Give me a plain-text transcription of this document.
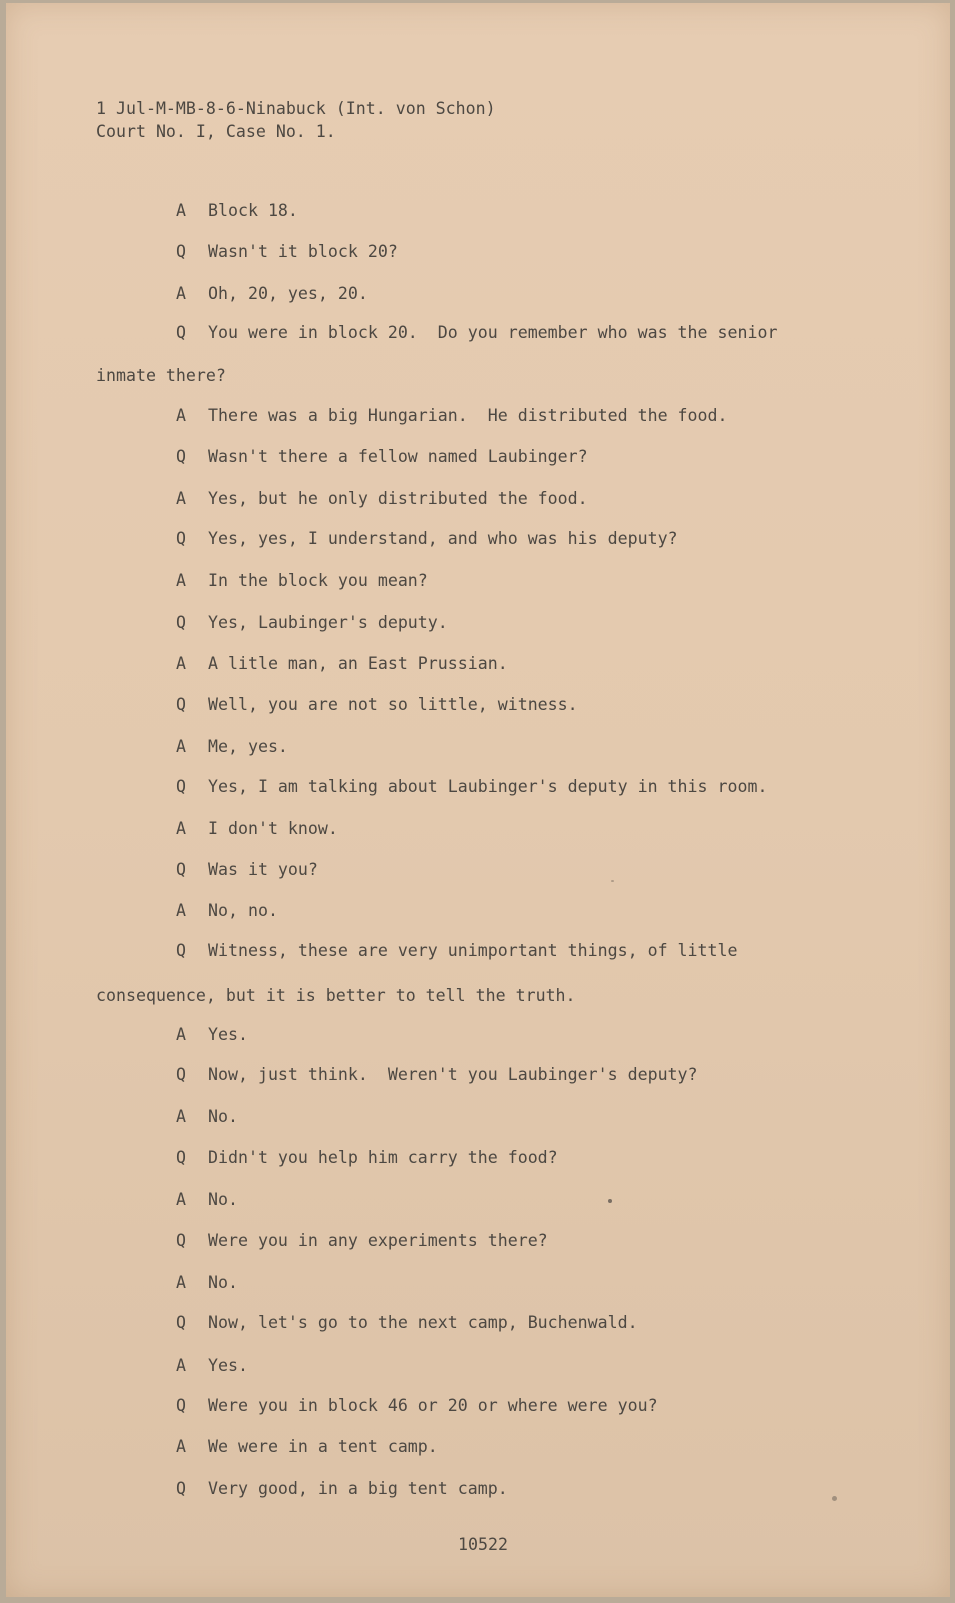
1 Jul-M-MB-8-6-Ninabuck (Int. von Schon)
Court No. I, Case No. 1.
A Block 18.
Q Wasn't it block 20?
A Oh, 20, yes, 20.
Q You were in block 20.  Do you remember who was the senior
inmate there?
A There was a big Hungarian.  He distributed the food.
Q Wasn't there a fellow named Laubinger?
A Yes, but he only distributed the food.
Q Yes, yes, I understand, and who was his deputy?
A In the block you mean?
Q Yes, Laubinger's deputy.
A A litle man, an East Prussian.
Q Well, you are not so little, witness.
A Me, yes.
Q Yes, I am talking about Laubinger's deputy in this room.
A I don't know.
Q Was it you?
A No, no.
Q Witness, these are very unimportant things, of little
consequence, but it is better to tell the truth.
A Yes.
Q Now, just think.  Weren't you Laubinger's deputy?
A No.
Q Didn't you help him carry the food?
A No.
Q Were you in any experiments there?
A No.
Q Now, let's go to the next camp, Buchenwald.
A Yes.
Q Were you in block 46 or 20 or where were you?
A We were in a tent camp.
Q Very good, in a big tent camp.
10522
